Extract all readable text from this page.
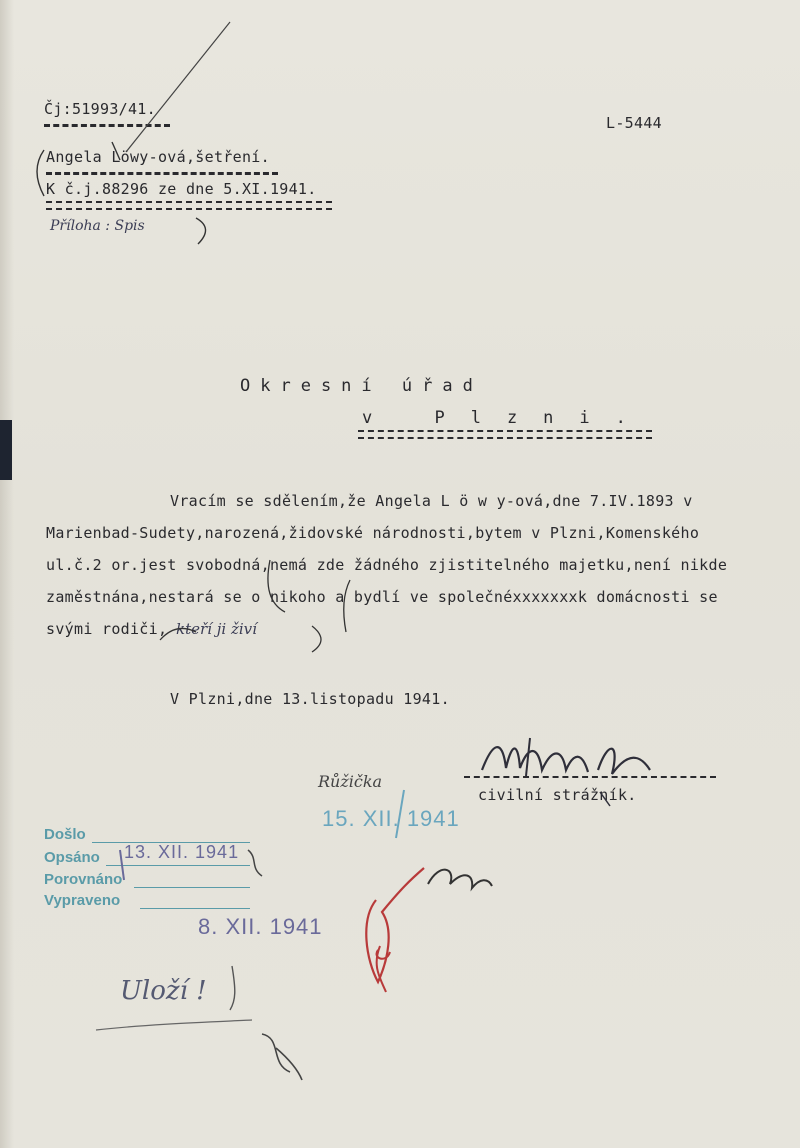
Čj:51993/41.
L-5444
Angela Löwy-ová,šetření.
K č.j.88296 ze dne 5.XI.1941.
Příloha : Spis
Okresní úřad
v Plzni.
Vracím se sdělením,že Angela L ö w y-ová,dne 7.IV.1893 v
Marienbad-Sudety,narozená,židovské národnosti,bytem v Plzni,Komenského
ul.č.2 or.jest svobodná,nemá zde žádného zjistitelného majetku,není nikde
zaměstnána,nestará se o nikoho a bydlí ve společnéxxxxxxxk domácnosti se
svými rodiči, kteří ji živí
V Plzni,dne 13.listopadu 1941.
civilní strážník.
Růžička
15. XII. 1941
Došlo
Opsáno
Porovnáno
Vypraveno
13. XII. 1941
8. XII. 1941
Uloží !
